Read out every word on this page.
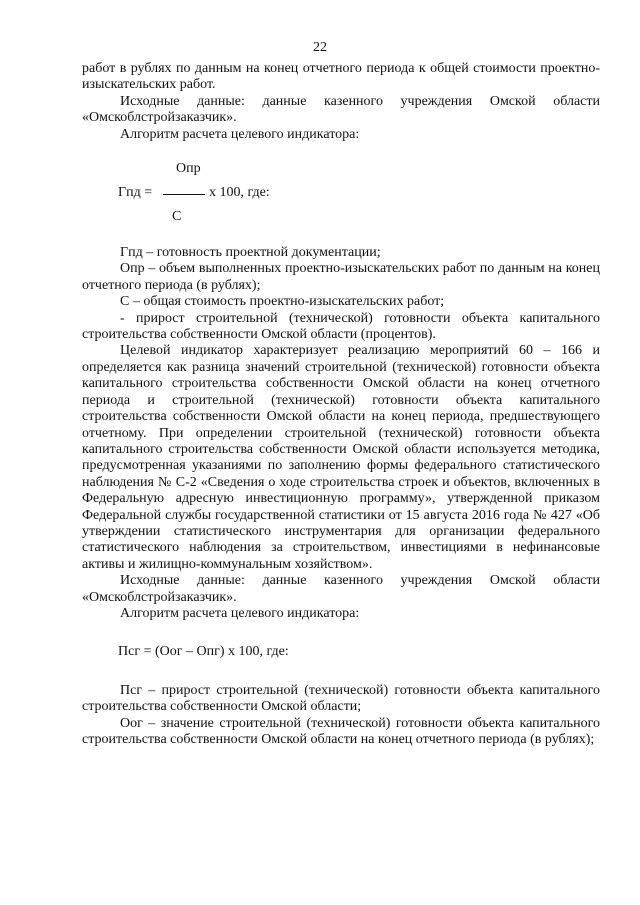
22

работ в рублях по данным на конец отчетного периода к общей стоимости проектно-изыскательских работ.

Исходные данные: данные казенного учреждения Омской области «Омскоблстройзаказчик».

Алгоритм расчета целевого индикатора:

Опр
Гпд =	х 100, где:
С

Гпд – готовность проектной документации;

Опр – объем выполненных проектно-изыскательских работ по данным на конец отчетного периода (в рублях);

С – общая стоимость проектно-изыскательских работ;

- прирост строительной (технической) готовности объекта капитального строительства собственности Омской области (процентов).

Целевой индикатор характеризует реализацию мероприятий 60 – 166 и определяется как разница значений строительной (технической) готовности объекта капитального строительства собственности Омской области на конец отчетного периода и строительной (технической) готовности объекта капитального строительства собственности Омской области на конец периода, предшествующего отчетному. При определении строительной (технической) готовности объекта капитального строительства собственности Омской области используется методика, предусмотренная указаниями по заполнению формы федерального статистического наблюдения № С-2 «Сведения о ходе строительства строек и объектов, включенных в Федеральную адресную инвестиционную программу», утвержденной приказом Федеральной службы государственной статистики от 15 августа 2016 года № 427 «Об утверждении статистического инструментария для организации федерального статистического наблюдения за строительством, инвестициями в нефинансовые активы и жилищно-коммунальным хозяйством».

Исходные данные: данные казенного учреждения Омской области «Омскоблстройзаказчик».

Алгоритм расчета целевого индикатора:

Псг = (Оог – Опг) х 100, где:

Псг – прирост строительной (технической) готовности объекта капитального строительства собственности Омской области;

Оог – значение строительной (технической) готовности объекта капитального строительства собственности Омской области на конец отчетного периода (в рублях);
